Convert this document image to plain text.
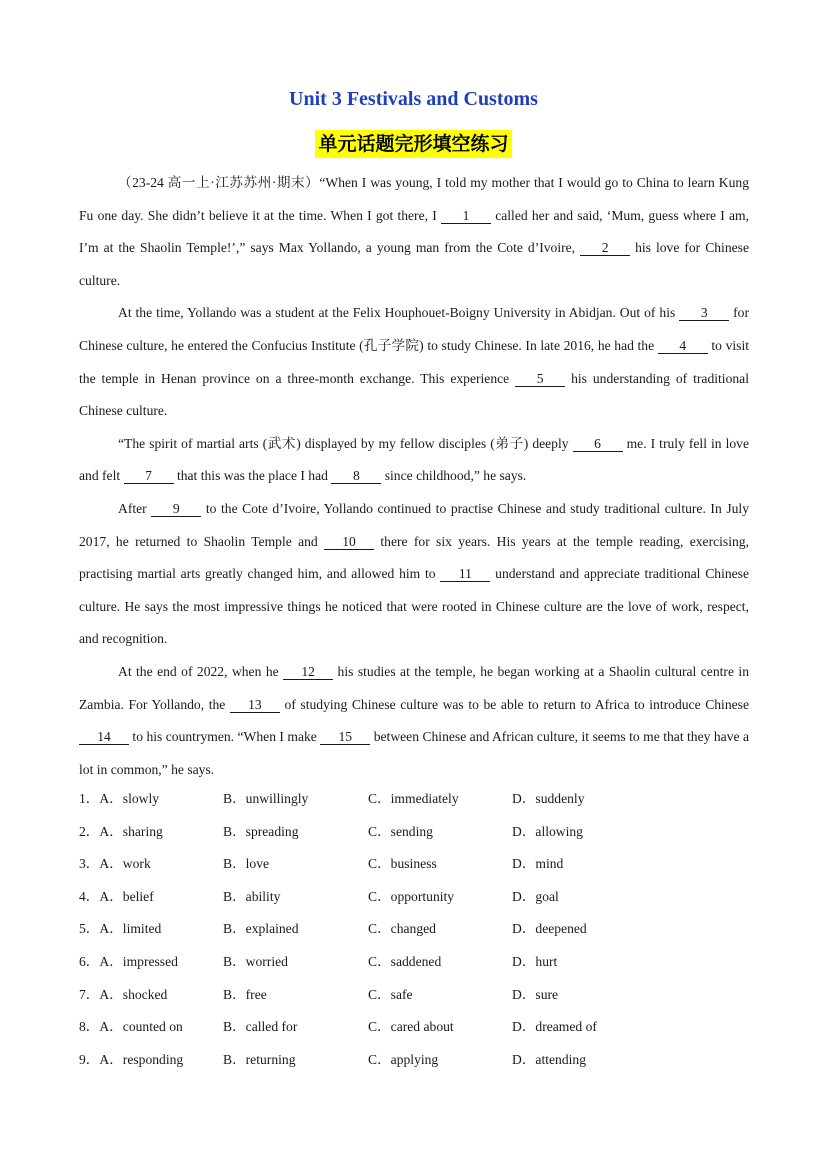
Unit 3 Festivals and Customs
单元话题完形填空练习

（23-24 高一上·江苏苏州·期末）“When I was young, I told my mother that I would go to China to learn Kung Fu one day. She didn’t believe it at the time. When I got there, I 1 called her and said, ‘Mum, guess where I am, I’m at the Shaolin Temple!’,” says Max Yollando, a young man from the Cote d’Ivoire, 2 his love for Chinese culture.

At the time, Yollando was a student at the Felix Houphouet-Boigny University in Abidjan. Out of his 3 for Chinese culture, he entered the Confucius Institute (孔子学院) to study Chinese. In late 2016, he had the 4 to visit the temple in Henan province on a three-month exchange. This experience 5 his understanding of traditional Chinese culture.

“The spirit of martial arts (武术) displayed by my fellow disciples (弟子) deeply 6 me. I truly fell in love and felt 7 that this was the place I had 8 since childhood,” he says.

After 9 to the Cote d’Ivoire, Yollando continued to practise Chinese and study traditional culture. In July 2017, he returned to Shaolin Temple and 10 there for six years. His years at the temple reading, exercising, practising martial arts greatly changed him, and allowed him to 11 understand and appreciate traditional Chinese culture. He says the most impressive things he noticed that were rooted in Chinese culture are the love of work, respect, and recognition.

At the end of 2022, when he 12 his studies at the temple, he began working at a Shaolin cultural centre in Zambia. For Yollando, the 13 of studying Chinese culture was to be able to return to Africa to introduce Chinese 14 to his countrymen. “When I make 15 between Chinese and African culture, it seems to me that they have a lot in common,” he says.

1．A．slowly	B．unwillingly	C．immediately	D．suddenly
2．A．sharing	B．spreading	C．sending	D．allowing
3．A．work	B．love	C．business	D．mind
4．A．belief	B．ability	C．opportunity	D．goal
5．A．limited	B．explained	C．changed	D．deepened
6．A．impressed	B．worried	C．saddened	D．hurt
7．A．shocked	B．free	C．safe	D．sure
8．A．counted on	B．called for	C．cared about	D．dreamed of
9．A．responding	B．returning	C．applying	D．attending
